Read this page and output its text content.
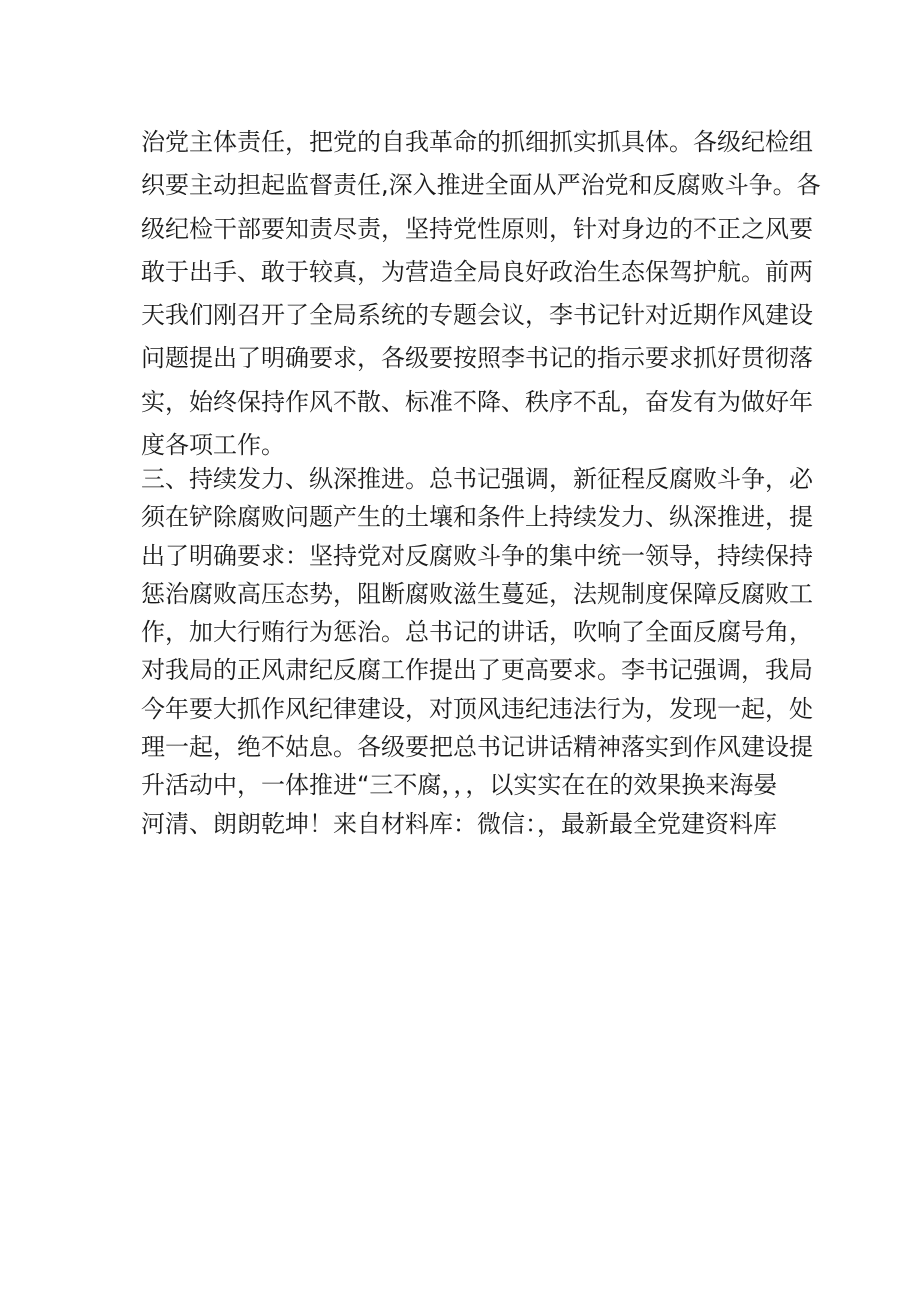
治党主体责任，把党的自我革命的抓细抓实抓具体。各级纪检组
织要主动担起监督责任,深入推进全面从严治党和反腐败斗争。各
级纪检干部要知责尽责，坚持党性原则，针对身边的不正之风要
敢于出手、敢于较真，为营造全局良好政治生态保驾护航。前两
天我们刚召开了全局系统的专题会议，李书记针对近期作风建设
问题提出了明确要求，各级要按照李书记的指示要求抓好贯彻落
实，始终保持作风不散、标准不降、秩序不乱，奋发有为做好年
度各项工作。
三、持续发力、纵深推进。总书记强调，新征程反腐败斗争，必
须在铲除腐败问题产生的土壤和条件上持续发力、纵深推进，提
出了明确要求：坚持党对反腐败斗争的集中统一领导，持续保持
惩治腐败高压态势，阻断腐败滋生蔓延，法规制度保障反腐败工
作，加大行贿行为惩治。总书记的讲话，吹响了全面反腐号角，
对我局的正风肃纪反腐工作提出了更高要求。李书记强调，我局
今年要大抓作风纪律建设，对顶风违纪违法行为，发现一起，处
理一起，绝不姑息。各级要把总书记讲话精神落实到作风建设提
升活动中，一体推进“三不腐，，，以实实在在的效果换来海晏
河清、朗朗乾坤！来自材料库：微信：，最新最全党建资料库
